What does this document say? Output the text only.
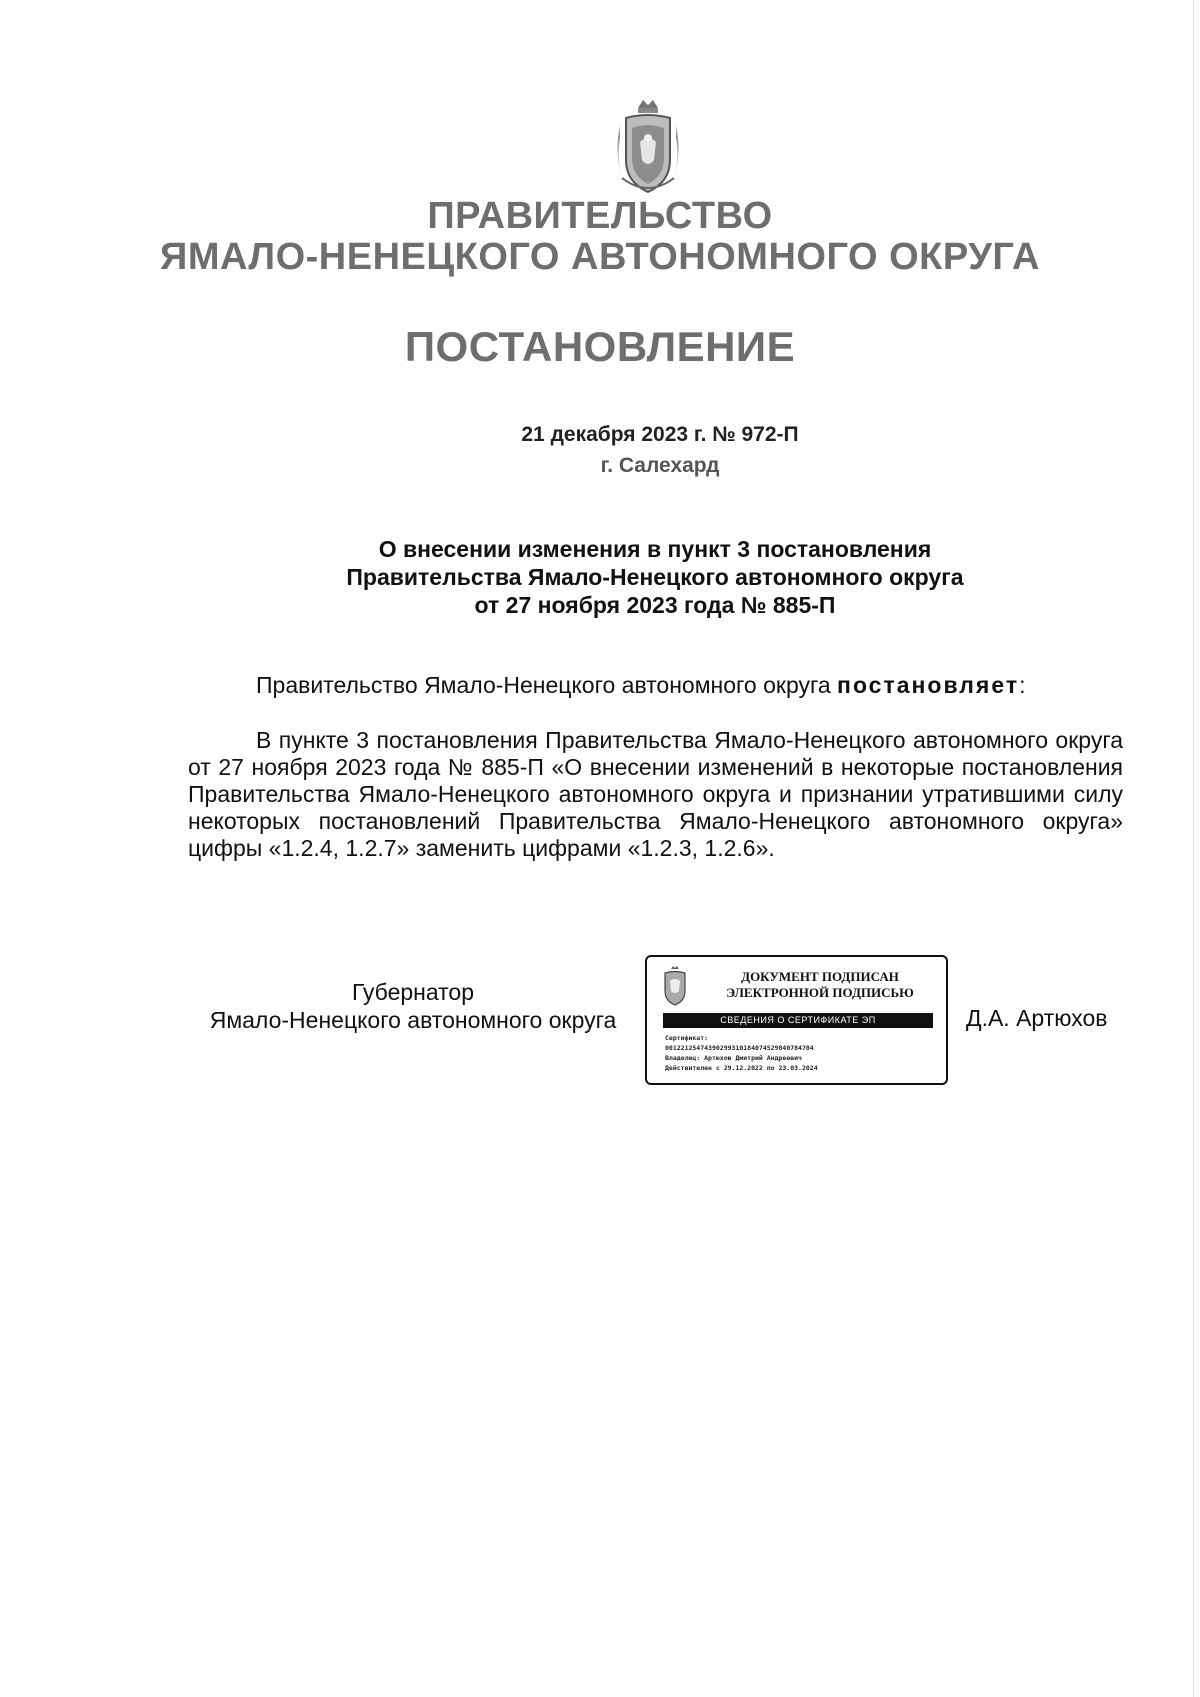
ПРАВИТЕЛЬСТВО
ЯМАЛО-НЕНЕЦКОГО АВТОНОМНОГО ОКРУГА
ПОСТАНОВЛЕНИЕ
21 декабря 2023 г. № 972-П
г. Салехард
О внесении изменения в пункт 3 постановления
Правительства Ямало-Ненецкого автономного округа
от 27 ноября 2023 года № 885-П
Правительство Ямало-Ненецкого автономного округа постановляет:

В пункте 3 постановления Правительства Ямало-Ненецкого автономного округа от 27 ноября 2023 года № 885-П «О внесении изменений в некоторые постановления Правительства Ямало-Ненецкого автономного округа и признании утратившими силу некоторых постановлений Правительства Ямало-Ненецкого автономного округа» цифры «1.2.4, 1.2.7» заменить цифрами «1.2.3, 1.2.6».

Губернатор
Ямало-Ненецкого автономного округа
ДОКУМЕНТ ПОДПИСАН
ЭЛЕКТРОННОЙ ПОДПИСЬЮ
СВЕДЕНИЯ О СЕРТИФИКАТЕ ЭП
Сертификат:
00122125474390299310184074529840784704
Владелец: Артюхов Дмитрий Андреевич
Действителен с 29.12.2022 по 23.03.2024
Д.А. Артюхов
